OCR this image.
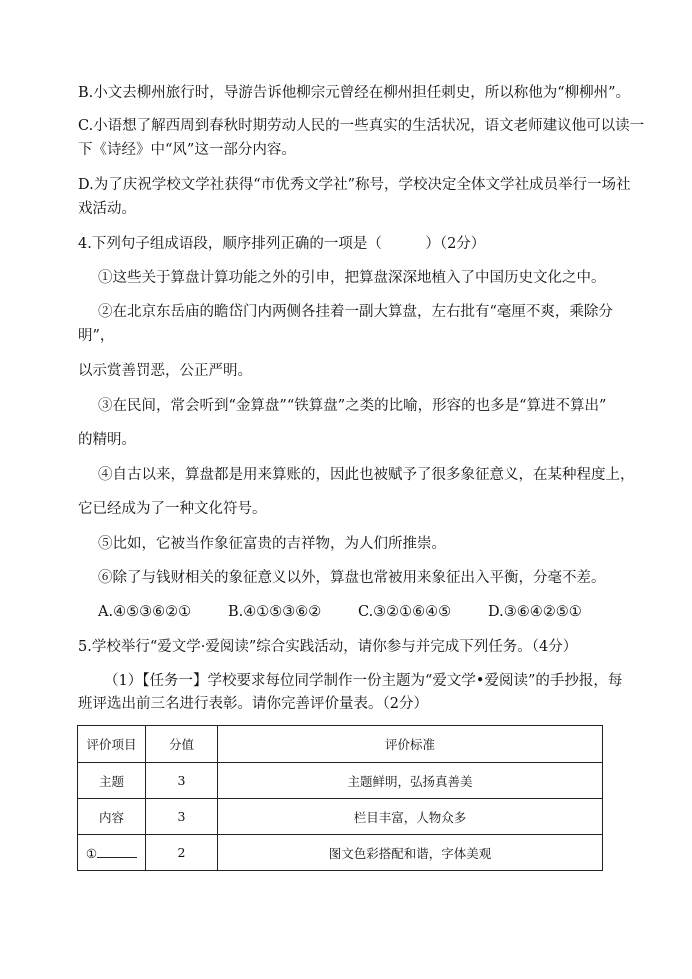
B.小文去柳州旅行时，导游告诉他柳宗元曾经在柳州担任刺史，所以称他为“柳柳州”。
C.小语想了解西周到春秋时期劳动人民的一些真实的生活状况，语文老师建议他可以读一
下《诗经》中“风”这一部分内容。
D.为了庆祝学校文学社获得“市优秀文学社”称号，学校决定全体文学社成员举行一场社
戏活动。
4.下列句子组成语段，顺序排列正确的一项是（　　　）（2分）
①这些关于算盘计算功能之外的引申，把算盘深深地植入了中国历史文化之中。
②在北京东岳庙的瞻岱门内两侧各挂着一副大算盘，左右批有“毫厘不爽，乘除分
明”，
以示赏善罚恶，公正严明。
③在民间，常会听到“金算盘”“铁算盘”之类的比喻，形容的也多是“算进不算出”
的精明。
④自古以来，算盘都是用来算账的，因此也被赋予了很多象征意义，在某种程度上，
它已经成为了一种文化符号。
⑤比如，它被当作象征富贵的吉祥物，为人们所推崇。
⑥除了与钱财相关的象征意义以外，算盘也常被用来象征出入平衡，分毫不差。
A.④⑤③⑥②①	B.④①⑤③⑥②	C.③②①⑥④⑤	D.③⑥④②⑤①
5.学校举行“爱文学·爱阅读”综合实践活动，请你参与并完成下列任务。（4分）
（1）【任务一】学校要求每位同学制作一份主题为“爱文学•爱阅读”的手抄报，每
班评选出前三名进行表彰。请你完善评价量表。（2分）
评价项目	分值	评价标准
主题	3	主题鲜明，弘扬真善美
内容	3	栏目丰富，人物众多
①	2	图文色彩搭配和谐，字体美观
